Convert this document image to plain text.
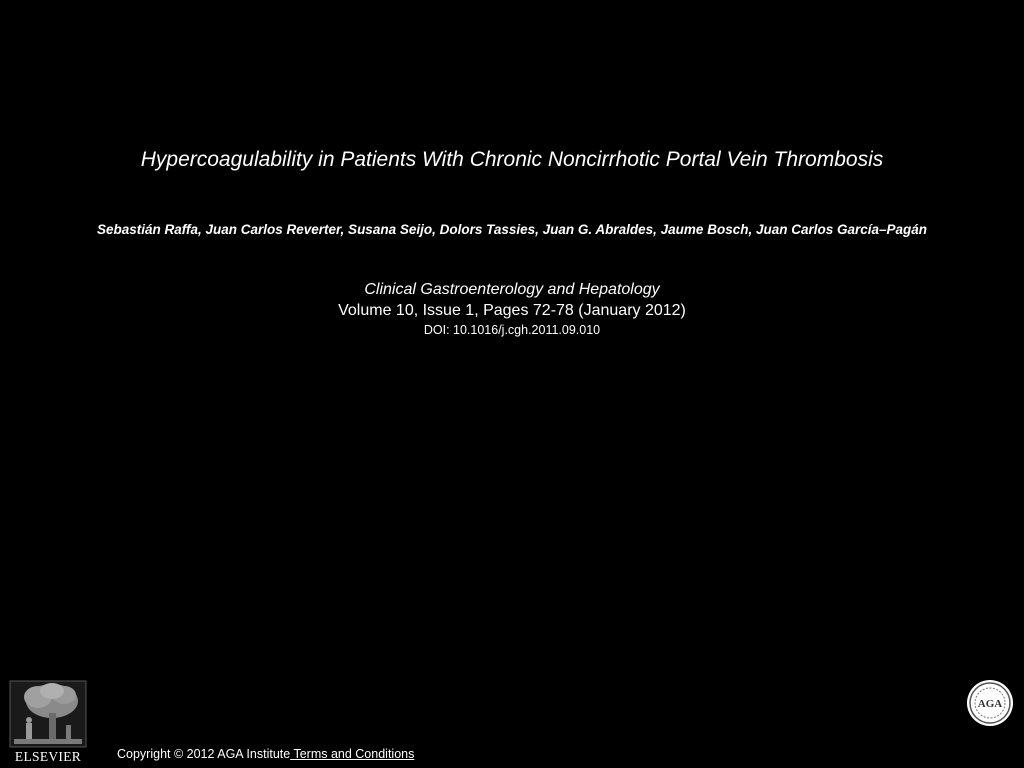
Hypercoagulability in Patients With Chronic Noncirrhotic Portal Vein Thrombosis
Sebastián Raffa, Juan Carlos Reverter, Susana Seijo, Dolors Tassies, Juan G. Abraldes, Jaume Bosch, Juan Carlos García–Pagán
Clinical Gastroenterology and Hepatology
Volume 10, Issue 1, Pages 72-78 (January 2012)
DOI: 10.1016/j.cgh.2011.09.010
ELSEVIER	Copyright © 2012 AGA Institute Terms and Conditions
AGA
